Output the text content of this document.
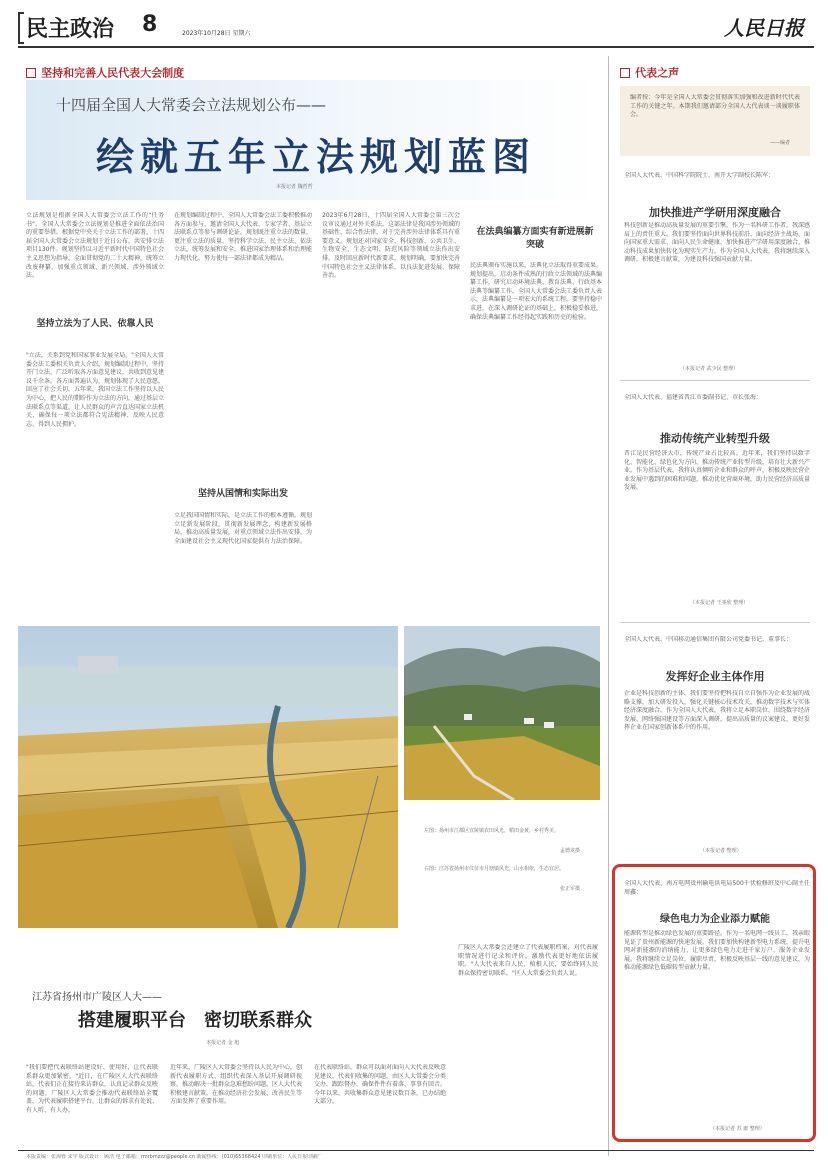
民主政治 8	2023年10月28日 星期六	人民日报
坚持和完善人民代表大会制度
十四届全国人大常委会立法规划公布——
绘就五年立法规划蓝图
本报记者 魏哲哲
立法规划是根据全国人大常委会立法工作的"任务书"。全国人大常委会立法规划是推进全面依法治国的重要举措。根据党中央关于立法工作的部署，十四届全国人大常委会立法规划于近日公布，共安排立法项目130件。规划坚持以习近平新时代中国特色社会主义思想为指导，全面贯彻党的二十大精神，统筹立改废释纂，加强重点领域、新兴领域、涉外领域立法。
坚持立法为了人民、依靠人民
"立法，关系到党和国家事业发展全局。"全国人大常委会法工委相关负责人介绍，规划编制过程中，坚持开门立法，广泛听取各方面意见建议，共收到意见建议千余条。各方面普遍认为，规划体现了人民意愿，回应了社会关切。五年来，我国立法工作坚持以人民为中心，把人民的期盼作为立法的方向，通过基层立法联系点等渠道，让人民群众的声音直达国家立法机关，确保每一项立法都符合宪法精神、反映人民意志、得到人民拥护。
在规划编制过程中，全国人大常委会法工委积极推动各方面参与，邀请全国人大代表、专家学者、基层立法联系点等参与调研论证。规划既注重立法的数量，更注重立法的质量，坚持科学立法、民主立法、依法立法，统筹发展和安全，推进国家治理体系和治理能力现代化，努力使每一部法律都成为精品。
坚持从国情和实际出发
立足我国国情和实际，是立法工作的根本遵循。规划立足新发展阶段，贯彻新发展理念，构建新发展格局，推动高质量发展，对重点领域立法作出安排，为全面建设社会主义现代化国家提供有力法治保障。
2023年6月28日，十四届全国人大常委会第三次会议审议通过对外关系法。这部法律是我国涉外领域的基础性、综合性法律，对于完善涉外法律体系具有重要意义。规划还对国家安全、科技创新、公共卫生、生物安全、生态文明、防范风险等领域立法作出安排，及时回应新时代新要求。规划明确，要加快完善中国特色社会主义法律体系，以良法促进发展、保障善治。
在法典编纂方面实有新进展新突破
民法典颁布实施以来，法典化立法取得重要成果。规划提出，启动条件成熟的行政立法领域的法典编纂工作，研究启动环境法典、教育法典、行政基本法典等编纂工作。全国人大常委会法工委负责人表示，法典编纂是一项宏大的系统工程，要坚持稳中求进，在深入调研论证的基础上，积极稳妥推进，确保法典编纂工作经得起实践和历史的检验。
左图：扬州市江都区宜陵镇农田风光，稻田金黄，乡村秀美。
孟德龙摄
右图：江苏省扬州市仪征市月塘镇风光，山水相依，生态宜居。
张正军摄
江苏省扬州市广陵区人大——
搭建履职平台　密切联系群众
本报记者 金 旭
"我们要把代表联络站建设好、使用好，让代表联系群众更加紧密。"近日，在广陵区人大代表联络站，代表们正在接待来访群众，认真记录群众反映的问题。广陵区人大常委会推动代表联络站全覆盖，为代表履职搭建平台，让群众的诉求有处说、有人听、有人办。
近年来，广陵区人大常委会坚持以人民为中心，创新代表履职方式，组织代表深入基层开展调研视察，推动解决一批群众急难愁盼问题。区人大代表积极建言献策，在推动经济社会发展、改善民生等方面发挥了重要作用。
在代表联络站，群众可以面对面向人大代表反映意见建议。代表们收集的问题，由区人大常委会分类交办，跟踪督办，确保件件有着落、事事有回音。今年以来，共收集群众意见建议数百条，已办结绝大部分。
广陵区人大常委会还建立了代表履职档案，对代表履职情况进行记录和评价，激励代表更好地依法履职。"人大代表来自人民、植根人民，要始终同人民群众保持密切联系。"区人大常委会负责人说。
代表之声
编者按：今年是全国人大常委会贯彻落实加强和改进新时代代表工作的关键之年。本期我们邀请部分全国人大代表谈一谈履职体会。
——编者
全国人大代表、中国科学院院士、南开大学副校长陈军：
加快推进产学研用深度融合
科技创新是推动高质量发展的重要引擎。作为一名科研工作者，我深感肩上的责任重大。我们要坚持面向世界科技前沿、面向经济主战场、面向国家重大需求、面向人民生命健康，加快推进产学研用深度融合，推动科技成果加快转化为现实生产力。作为全国人大代表，我将继续深入调研，积极建言献策，为建设科技强国贡献力量。
（本报记者 武少民 整理）
全国人大代表、福建省晋江市委副书记、市长张海：
推动传统产业转型升级
晋江是民营经济大市，传统产业占比较高。近年来，我们坚持以数字化、智能化、绿色化为方向，推动传统产业转型升级，培育壮大新兴产业。作为基层代表，我将认真倾听企业和群众的呼声，积极反映民营企业发展中遇到的困难和问题，推动优化营商环境，助力民营经济高质量发展。
（本报记者 王崟欣 整理）
全国人大代表、中国移动通信集团有限公司党委书记、董事长：
发挥好企业主体作用
企业是科技创新的主体。我们要坚持把科技自立自强作为企业发展的战略支撑，加大研发投入，强化关键核心技术攻关，推动数字技术与实体经济深度融合。作为全国人大代表，我将立足本职岗位，围绕数字经济发展、网络强国建设等方面深入调研，提出高质量的议案建议，更好发挥企业在国家创新体系中的作用。
（本报记者 整理）
全国人大代表、南方电网贵州输电供电局500千伏检修班及中心副主任周鑫：
绿色电力为企业添力赋能
能源转型是推动绿色发展的重要路径。作为一名电网一线员工，我亲眼见证了贵州新能源的快速发展。我们要加快构建新型电力系统，提升电网对新能源的消纳能力，让更多绿色电力走进千家万户、服务企业发展。我将继续立足岗位，履职尽责，积极反映基层一线的意见建议，为推动能源绿色低碳转型贡献力量。
（本报记者 苏 庸 整理）
本版责编：张海蓉 宋宇 版式设计：顾浩 电子邮箱：rmrbmzzz@people.cn 新闻热线：(010)65368424 印刷单位：人民日报印刷厂
